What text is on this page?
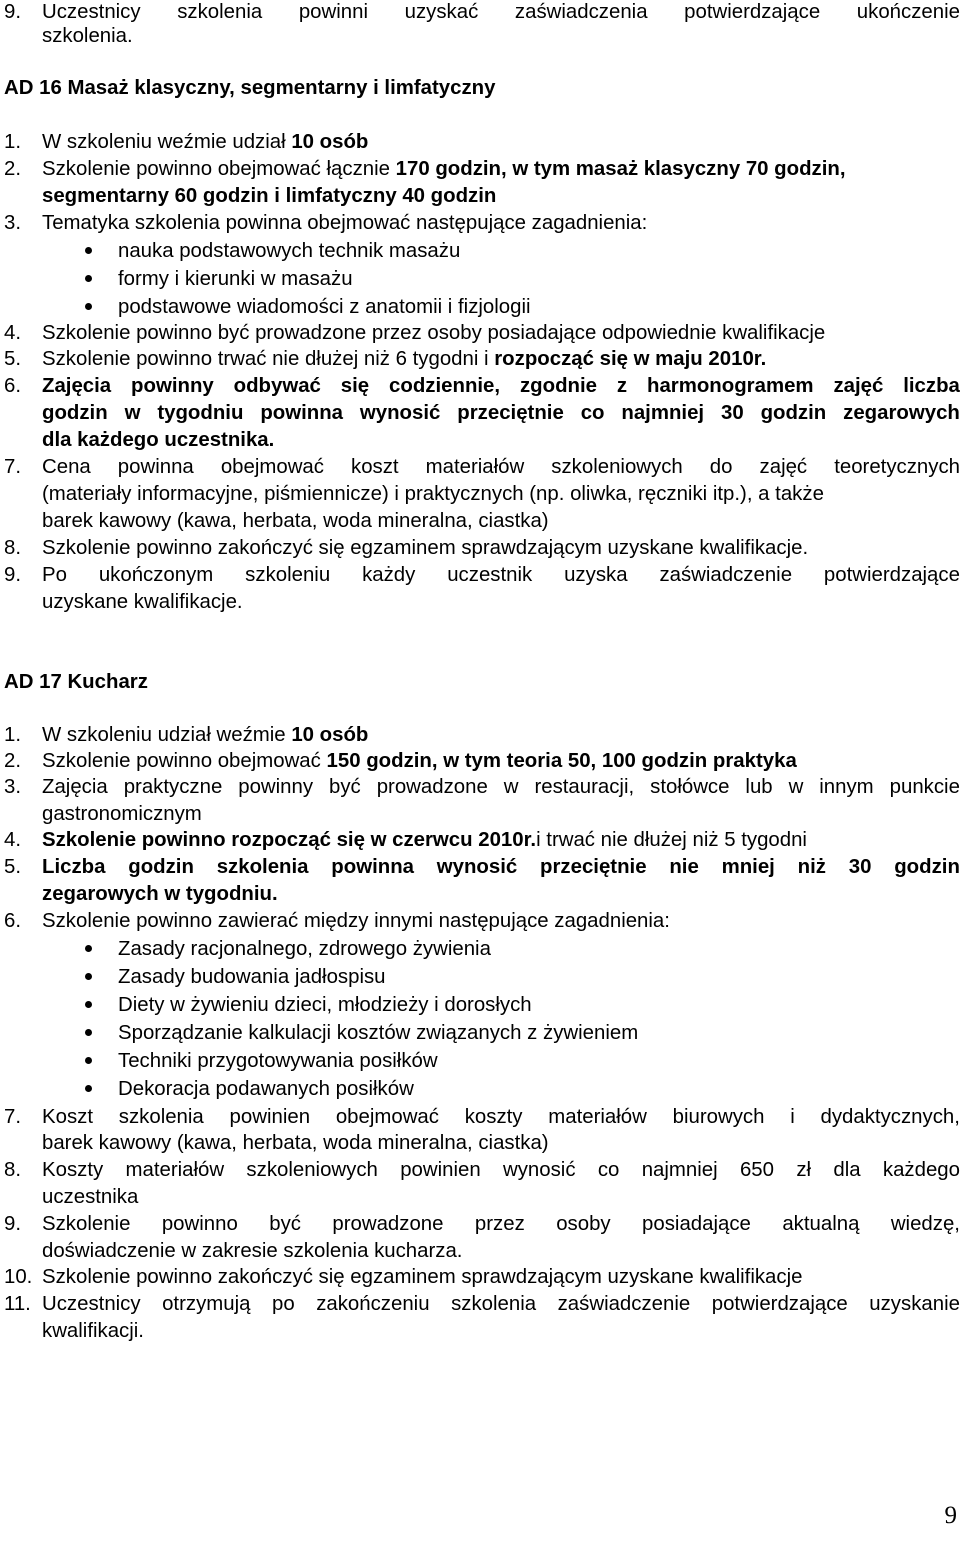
9. Uczestnicy szkolenia powinni uzyskać zaświadczenia potwierdzające ukończenie

szkolenia.
AD 16 Masaż klasyczny, segmentarny i limfatyczny
1. W szkoleniu weźmie udział 10 osób
2. Szkolenie powinno obejmować łącznie 170 godzin, w tym masaż klasyczny 70 godzin,
segmentarny 60 godzin i limfatyczny 40 godzin
3. Tematyka szkolenia powinna obejmować następujące zagadnienia:
nauka podstawowych technik masażu
formy i kierunki w masażu
podstawowe wiadomości z anatomii i fizjologii
4. Szkolenie powinno być prowadzone przez osoby posiadające odpowiednie kwalifikacje
5. Szkolenie powinno trwać nie dłużej niż 6 tygodni i rozpocząć się w maju 2010r.
6. Zajęcia powinny odbywać się codziennie, zgodnie z harmonogramem zajęć liczba

godzin w tygodniu powinna wynosić przeciętnie co najmniej 30 godzin zegarowych

dla każdego uczestnika.
7. Cena powinna obejmować koszt materiałów szkoleniowych do zajęć teoretycznych

(materiały informacyjne, piśmiennicze) i praktycznych (np. oliwka, ręczniki itp.), a także
barek kawowy (kawa, herbata, woda mineralna, ciastka)
8. Szkolenie powinno zakończyć się egzaminem sprawdzającym uzyskane kwalifikacje.
9. Po ukończonym szkoleniu każdy uczestnik uzyska zaświadczenie potwierdzające

uzyskane kwalifikacje.
AD 17 Kucharz
1. W szkoleniu udział weźmie 10 osób
2. Szkolenie powinno obejmować 150 godzin, w tym teoria 50, 100 godzin praktyka
3. Zajęcia praktyczne powinny być prowadzone w restauracji, stołówce lub w innym punkcie

gastronomicznym
4. Szkolenie powinno rozpocząć się w czerwcu 2010r.i trwać nie dłużej niż 5 tygodni
5. Liczba godzin szkolenia powinna wynosić przeciętnie nie mniej niż 30 godzin

zegarowych w tygodniu.
6. Szkolenie powinno zawierać między innymi następujące zagadnienia:
Zasady racjonalnego, zdrowego żywienia
Zasady budowania jadłospisu
Diety w żywieniu dzieci, młodzieży i dorosłych
Sporządzanie kalkulacji kosztów związanych z żywieniem
Techniki przygotowywania posiłków
Dekoracja podawanych posiłków
7. Koszt szkolenia powinien obejmować koszty materiałów biurowych i dydaktycznych,

barek kawowy (kawa, herbata, woda mineralna, ciastka)
8. Koszty materiałów szkoleniowych powinien wynosić co najmniej 650 zł dla każdego

uczestnika
9. Szkolenie powinno być prowadzone przez osoby posiadające aktualną wiedzę,

doświadczenie w zakresie szkolenia kucharza.
10. Szkolenie powinno zakończyć się egzaminem sprawdzającym uzyskane kwalifikacje
11. Uczestnicy otrzymują po zakończeniu szkolenia zaświadczenie potwierdzające uzyskanie

kwalifikacji.
9
